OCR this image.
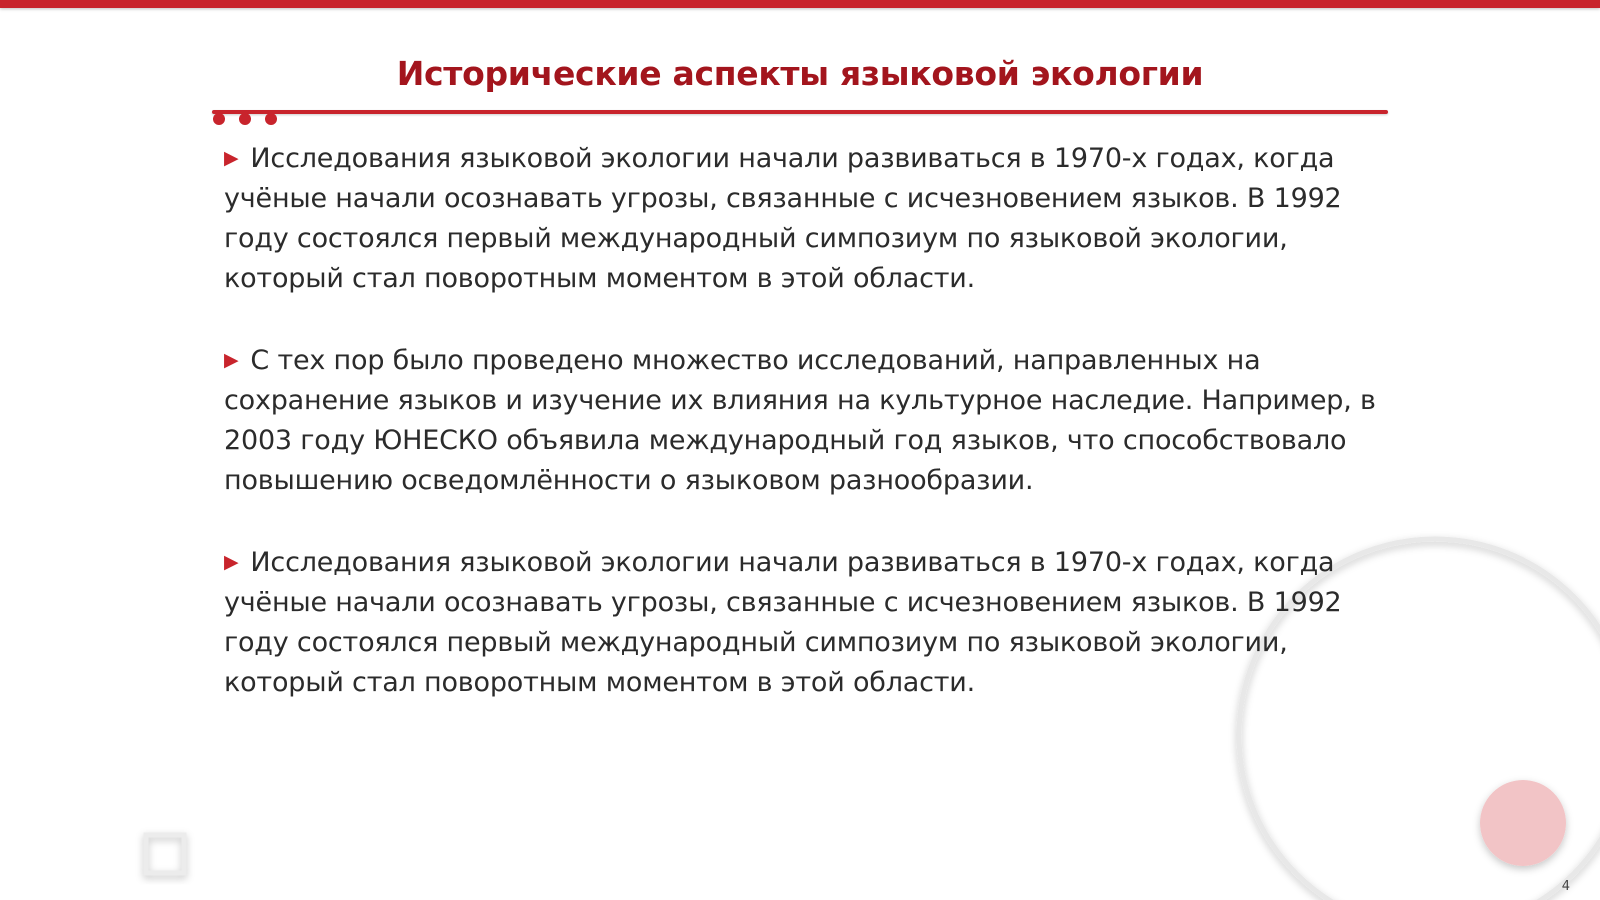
Исторические аспекты языковой экологии

▶ Исследования языковой экологии начали развиваться в 1970-х годах, когда учёные начали осознавать угрозы, связанные с исчезновением языков. В 1992 году состоялся первый международный симпозиум по языковой экологии, который стал поворотным моментом в этой области.

▶ С тех пор было проведено множество исследований, направленных на сохранение языков и изучение их влияния на культурное наследие. Например, в 2003 году ЮНЕСКО объявила международный год языков, что способствовало повышению осведомлённости о языковом разнообразии.

▶ Исследования языковой экологии начали развиваться в 1970-х годах, когда учёные начали осознавать угрозы, связанные с исчезновением языков. В 1992 году состоялся первый международный симпозиум по языковой экологии, который стал поворотным моментом в этой области.

4
